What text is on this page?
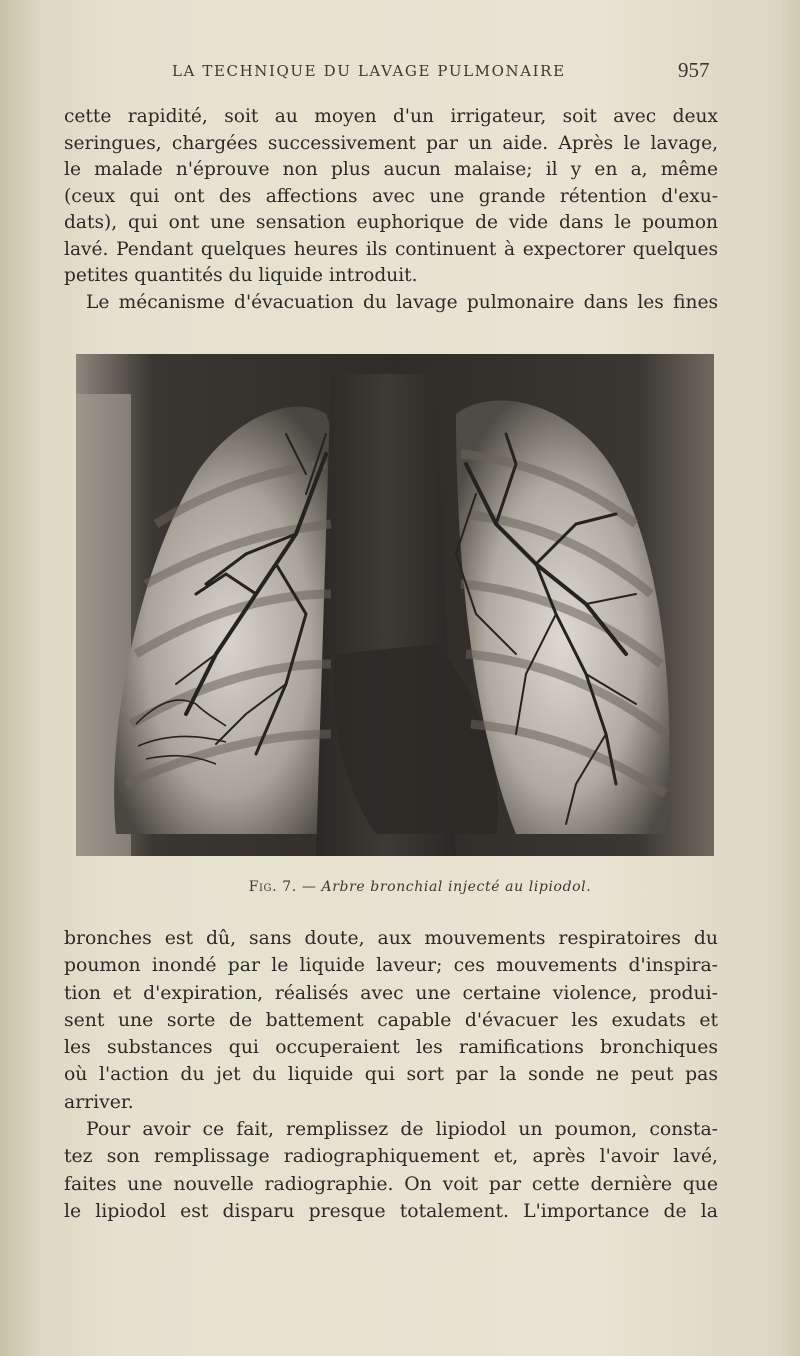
LA TECHNIQUE DU LAVAGE PULMONAIRE	957
cette rapidité, soit au moyen d'un irrigateur, soit avec deux
seringues, chargées successivement par un aide. Après le lavage,
le malade n'éprouve non plus aucun malaise; il y en a, même
(ceux qui ont des affections avec une grande rétention d'exu-
dats), qui ont une sensation euphorique de vide dans le poumon
lavé. Pendant quelques heures ils continuent à expectorer quelques
petites quantités du liquide introduit.
Le mécanisme d'évacuation du lavage pulmonaire dans les fines
Fig. 7. — Arbre bronchial injecté au lipiodol.
bronches est dû, sans doute, aux mouvements respiratoires du
poumon inondé par le liquide laveur; ces mouvements d'inspira-
tion et d'expiration, réalisés avec une certaine violence, produi-
sent une sorte de battement capable d'évacuer les exudats et
les substances qui occuperaient les ramifications bronchiques
où l'action du jet du liquide qui sort par la sonde ne peut pas
arriver.
Pour avoir ce fait, remplissez de lipiodol un poumon, consta-
tez son remplissage radiographiquement et, après l'avoir lavé,
faites une nouvelle radiographie. On voit par cette dernière que
le lipiodol est disparu presque totalement. L'importance de la
